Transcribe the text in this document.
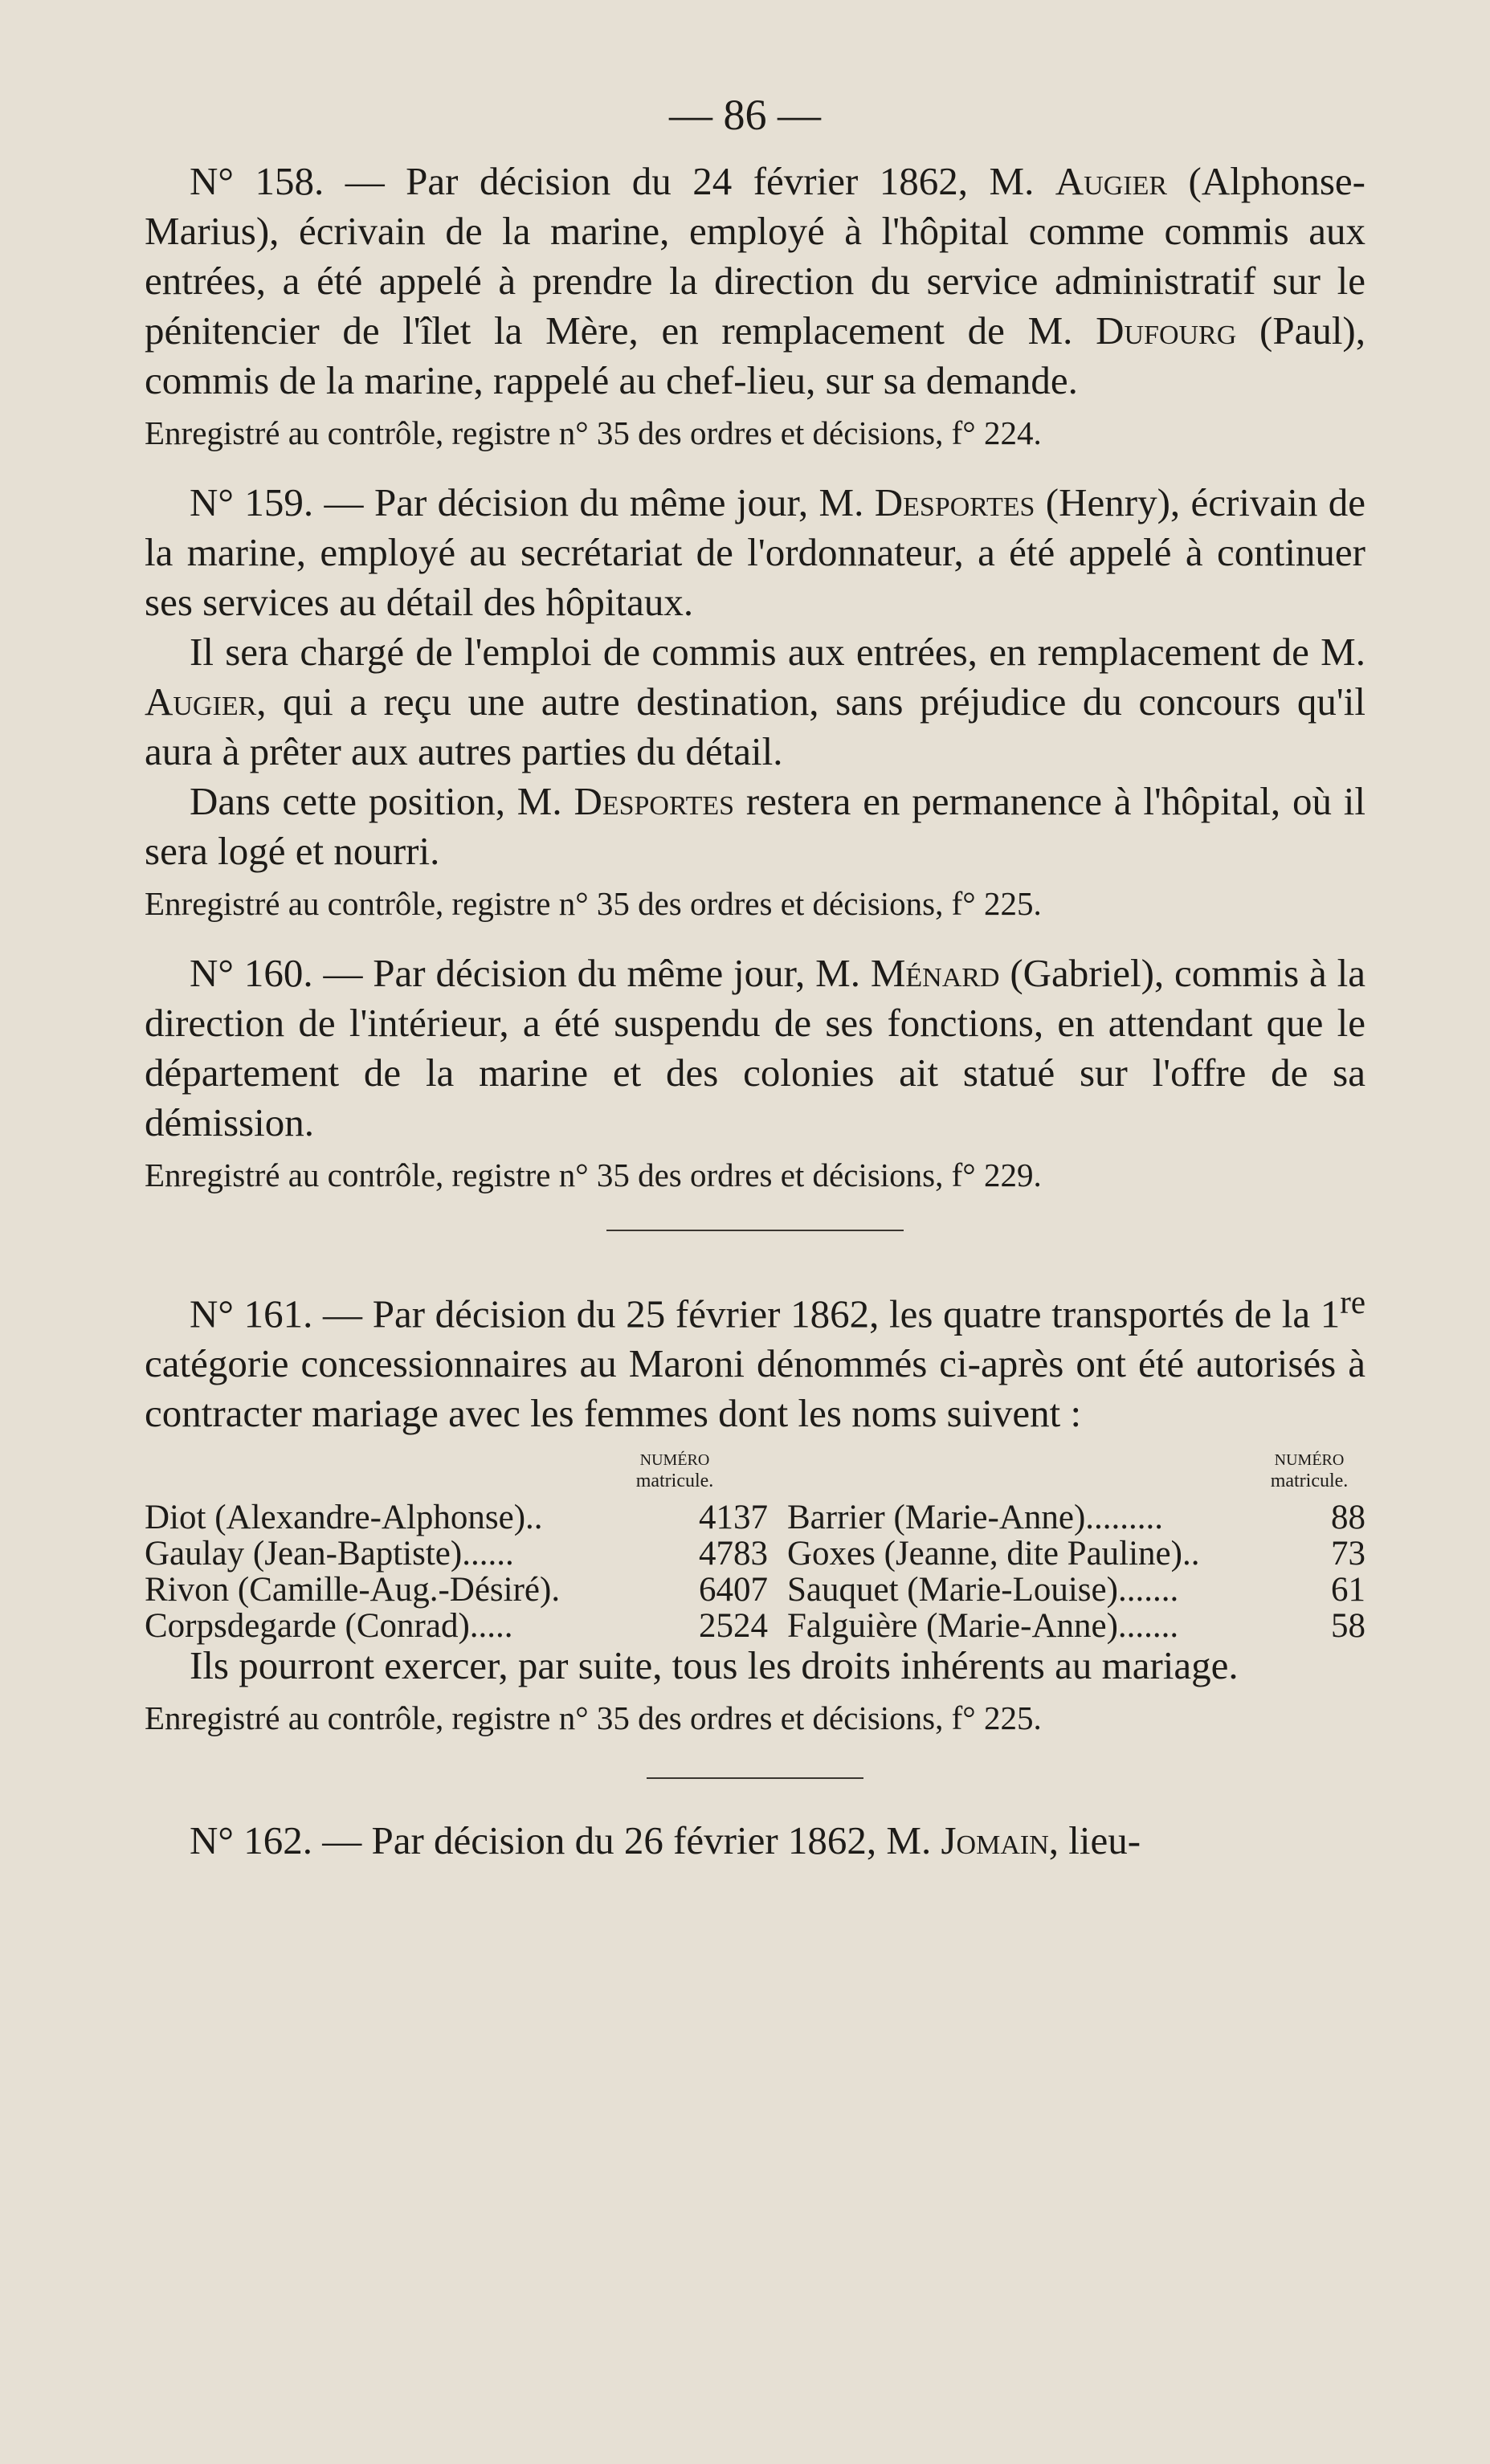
— 86 —

N° 158. — Par décision du 24 février 1862, M. Augier (Alphonse-Marius), écrivain de la marine, employé à l'hôpital comme commis aux entrées, a été appelé à prendre la direction du service administratif sur le pénitencier de l'îlet la Mère, en remplacement de M. Dufourg (Paul), commis de la marine, rappelé au chef-lieu, sur sa demande.

Enregistré au contrôle, registre n° 35 des ordres et décisions, f° 224.

N° 159. — Par décision du même jour, M. Desportes (Henry), écrivain de la marine, employé au secrétariat de l'ordonnateur, a été appelé à continuer ses services au détail des hôpitaux.

Il sera chargé de l'emploi de commis aux entrées, en remplacement de M. Augier, qui a reçu une autre destination, sans préjudice du concours qu'il aura à prêter aux autres parties du détail.

Dans cette position, M. Desportes restera en permanence à l'hôpital, où il sera logé et nourri.

Enregistré au contrôle, registre n° 35 des ordres et décisions, f° 225.

N° 160. — Par décision du même jour, M. Ménard (Gabriel), commis à la direction de l'intérieur, a été suspendu de ses fonctions, en attendant que le département de la marine et des colonies ait statué sur l'offre de sa démission.

Enregistré au contrôle, registre n° 35 des ordres et décisions, f° 229.

N° 161. — Par décision du 25 février 1862, les quatre transportés de la 1re catégorie concessionnaires au Maroni dénommés ci-après ont été autorisés à contracter mariage avec les femmes dont les noms suivent :

NUMÉRO
matricule.
NUMÉRO
matricule.
Diot (Alexandre-Alphonse)..	4137 Barrier (Marie-Anne).........	88
Gaulay (Jean-Baptiste)......	4783 Goxes (Jeanne, dite Pauline)..	73
Rivon (Camille-Aug.-Désiré).	6407 Sauquet (Marie-Louise).......	61
Corpsdegarde (Conrad).....	2524 Falguière (Marie-Anne).......	58

Ils pourront exercer, par suite, tous les droits inhérents au mariage.

Enregistré au contrôle, registre n° 35 des ordres et décisions, f° 225.

N° 162. — Par décision du 26 février 1862, M. Jomain, lieu-
